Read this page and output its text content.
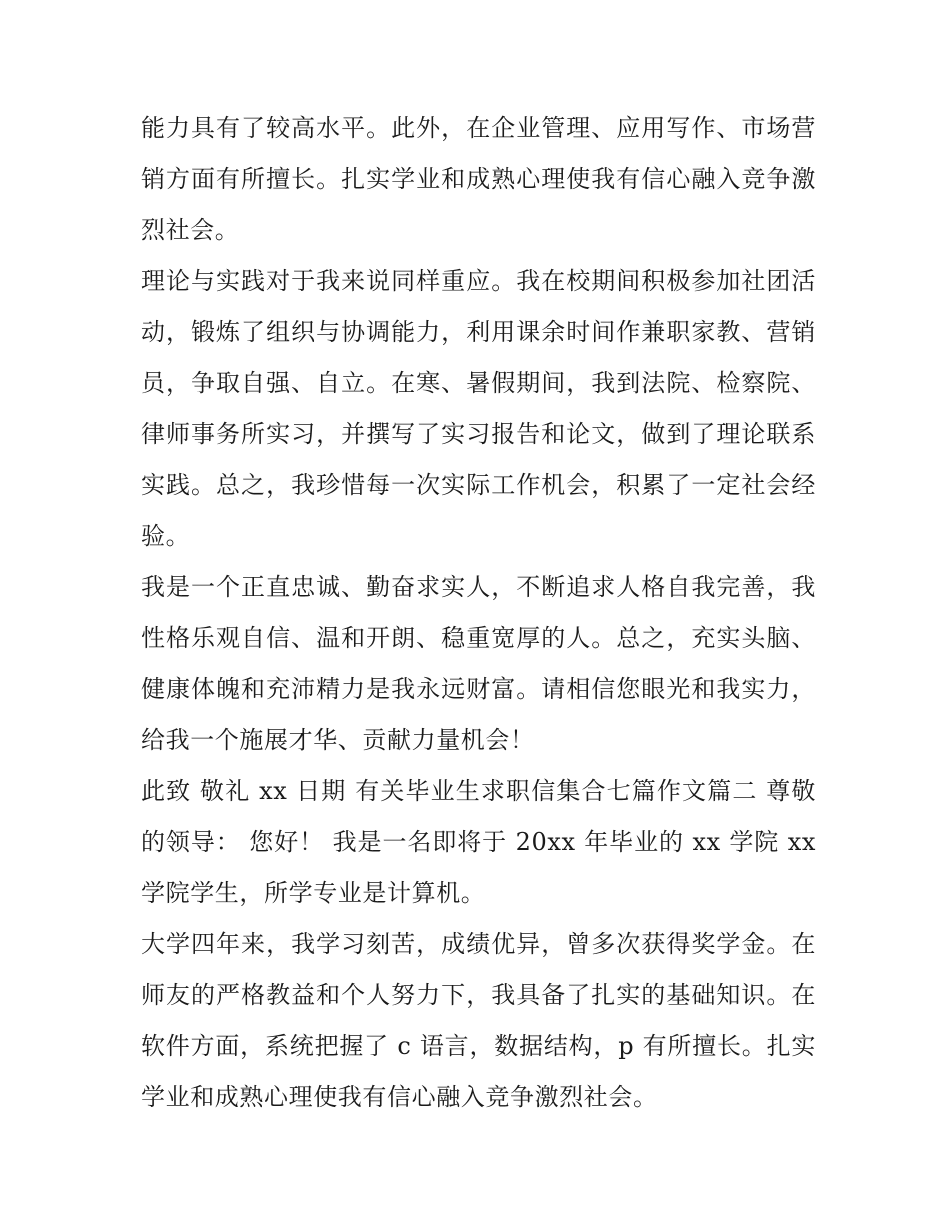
能力具有了较高水平。此外，在企业管理、应用写作、市场营销方面有所擅长。扎实学业和成熟心理使我有信心融入竞争激烈社会。

理论与实践对于我来说同样重应。我在校期间积极参加社团活动，锻炼了组织与协调能力，利用课余时间作兼职家教、营销员，争取自强、自立。在寒、暑假期间，我到法院、检察院、律师事务所实习，并撰写了实习报告和论文，做到了理论联系实践。总之，我珍惜每一次实际工作机会，积累了一定社会经验。

我是一个正直忠诚、勤奋求实人，不断追求人格自我完善，我性格乐观自信、温和开朗、稳重宽厚的人。总之，充实头脑、健康体魄和充沛精力是我永远财富。请相信您眼光和我实力，给我一个施展才华、贡献力量机会！

此致 敬礼 xx 日期 有关毕业生求职信集合七篇作文篇二 尊敬的领导： 您好！ 我是一名即将于 20xx 年毕业的 xx 学院 xx 学院学生，所学专业是计算机。

大学四年来，我学习刻苦，成绩优异，曾多次获得奖学金。在师友的严格教益和个人努力下，我具备了扎实的基础知识。在软件方面，系统把握了 c 语言，数据结构，p 有所擅长。扎实学业和成熟心理使我有信心融入竞争激烈社会。
